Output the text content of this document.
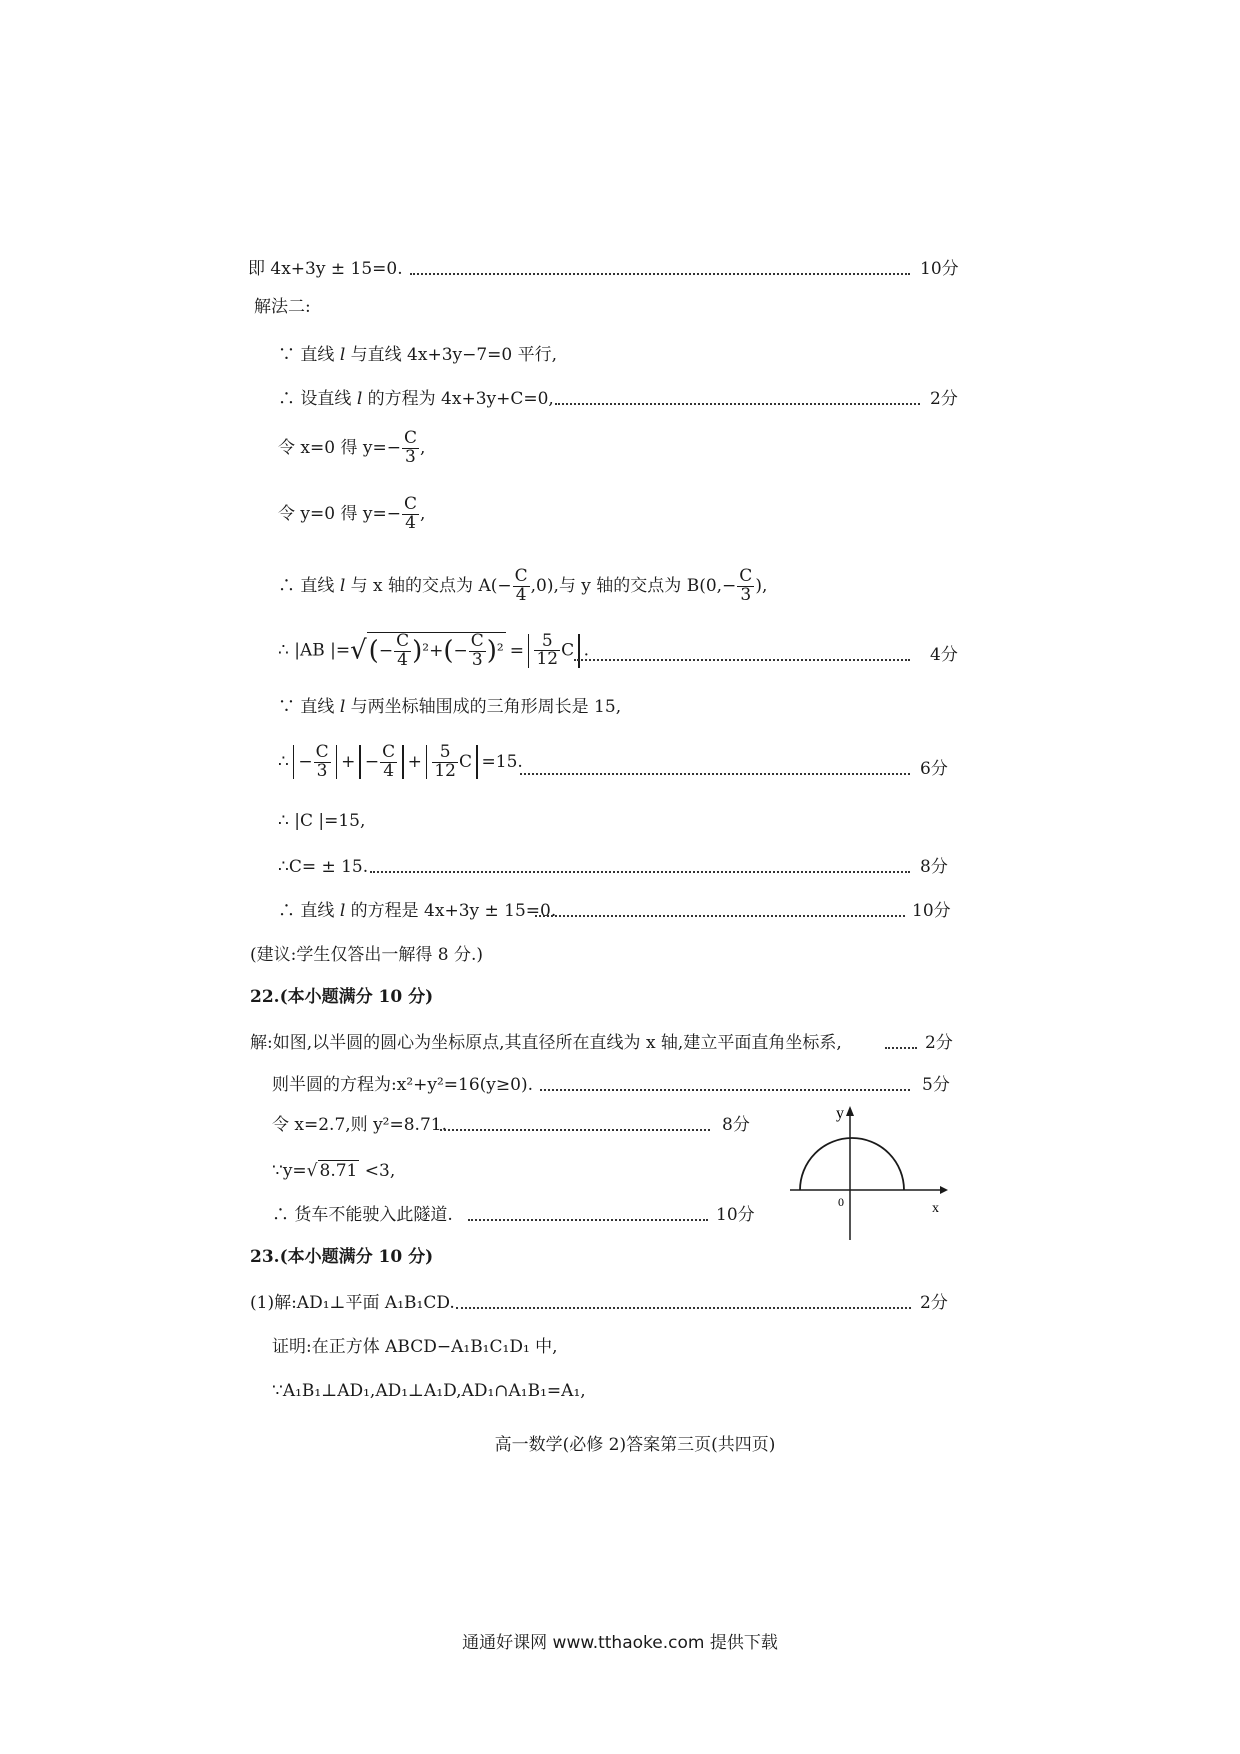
即 4x+3y ± 15=0.	10分
解法二:
∵ 直线 l 与直线 4x+3y−7=0 平行,
∴ 设直线 l 的方程为 4x+3y+C=0,	2分
令 x=0 得 $y=- \frac{C}{3}$ ,
令 y=0 得 $y=- \frac{C}{4}$ ,
∴ 直线 l 与 x 轴的交点为 $A(- \frac{C}{4} ,0)$,与 y 轴的交点为 $B(0,- \frac{C}{3}$ ),
∴ |AB |=√(− $\frac{C}{4} )^2+(- \frac{C}{3} )^2 = \frac{5}{12}$ C .	4分
∵ 直线 l 与两坐标轴围成的三角形周长是 15,
∴ − $\frac{C}{3}$ + − $\frac{C}{4} + \frac{5}{12}$ C =15.	6分
∴ |C |=15,
∴C= ± 15.	8分
∴ 直线 l 的方程是 4x+3y ± 15=0.	10分
(建议:学生仅答出一解得 8 分.)
22.(本小题满分 10 分)
解:如图,以半圆的圆心为坐标原点,其直径所在直线为 x 轴,建立平面直角坐标系,	2分
则半圆的方程为:x²+y²=16(y≥0).	5分
令 x=2.7,则 y²=8.71.	8分
∵y=√ 8.71 <3,
∴ 货车不能驶入此隧道.	10分
y
x
0
23.(本小题满分 10 分)
(1)解:AD₁⊥平面 A₁B₁CD.	2分
证明:在正方体 ABCD−A₁B₁C₁D₁ 中,
∵A₁B₁⊥AD₁,AD₁⊥A₁D,AD₁∩A₁B₁=A₁,
高一数学(必修 2)答案第三页(共四页)
通通好课网 www.tthaoke.com 提供下载
